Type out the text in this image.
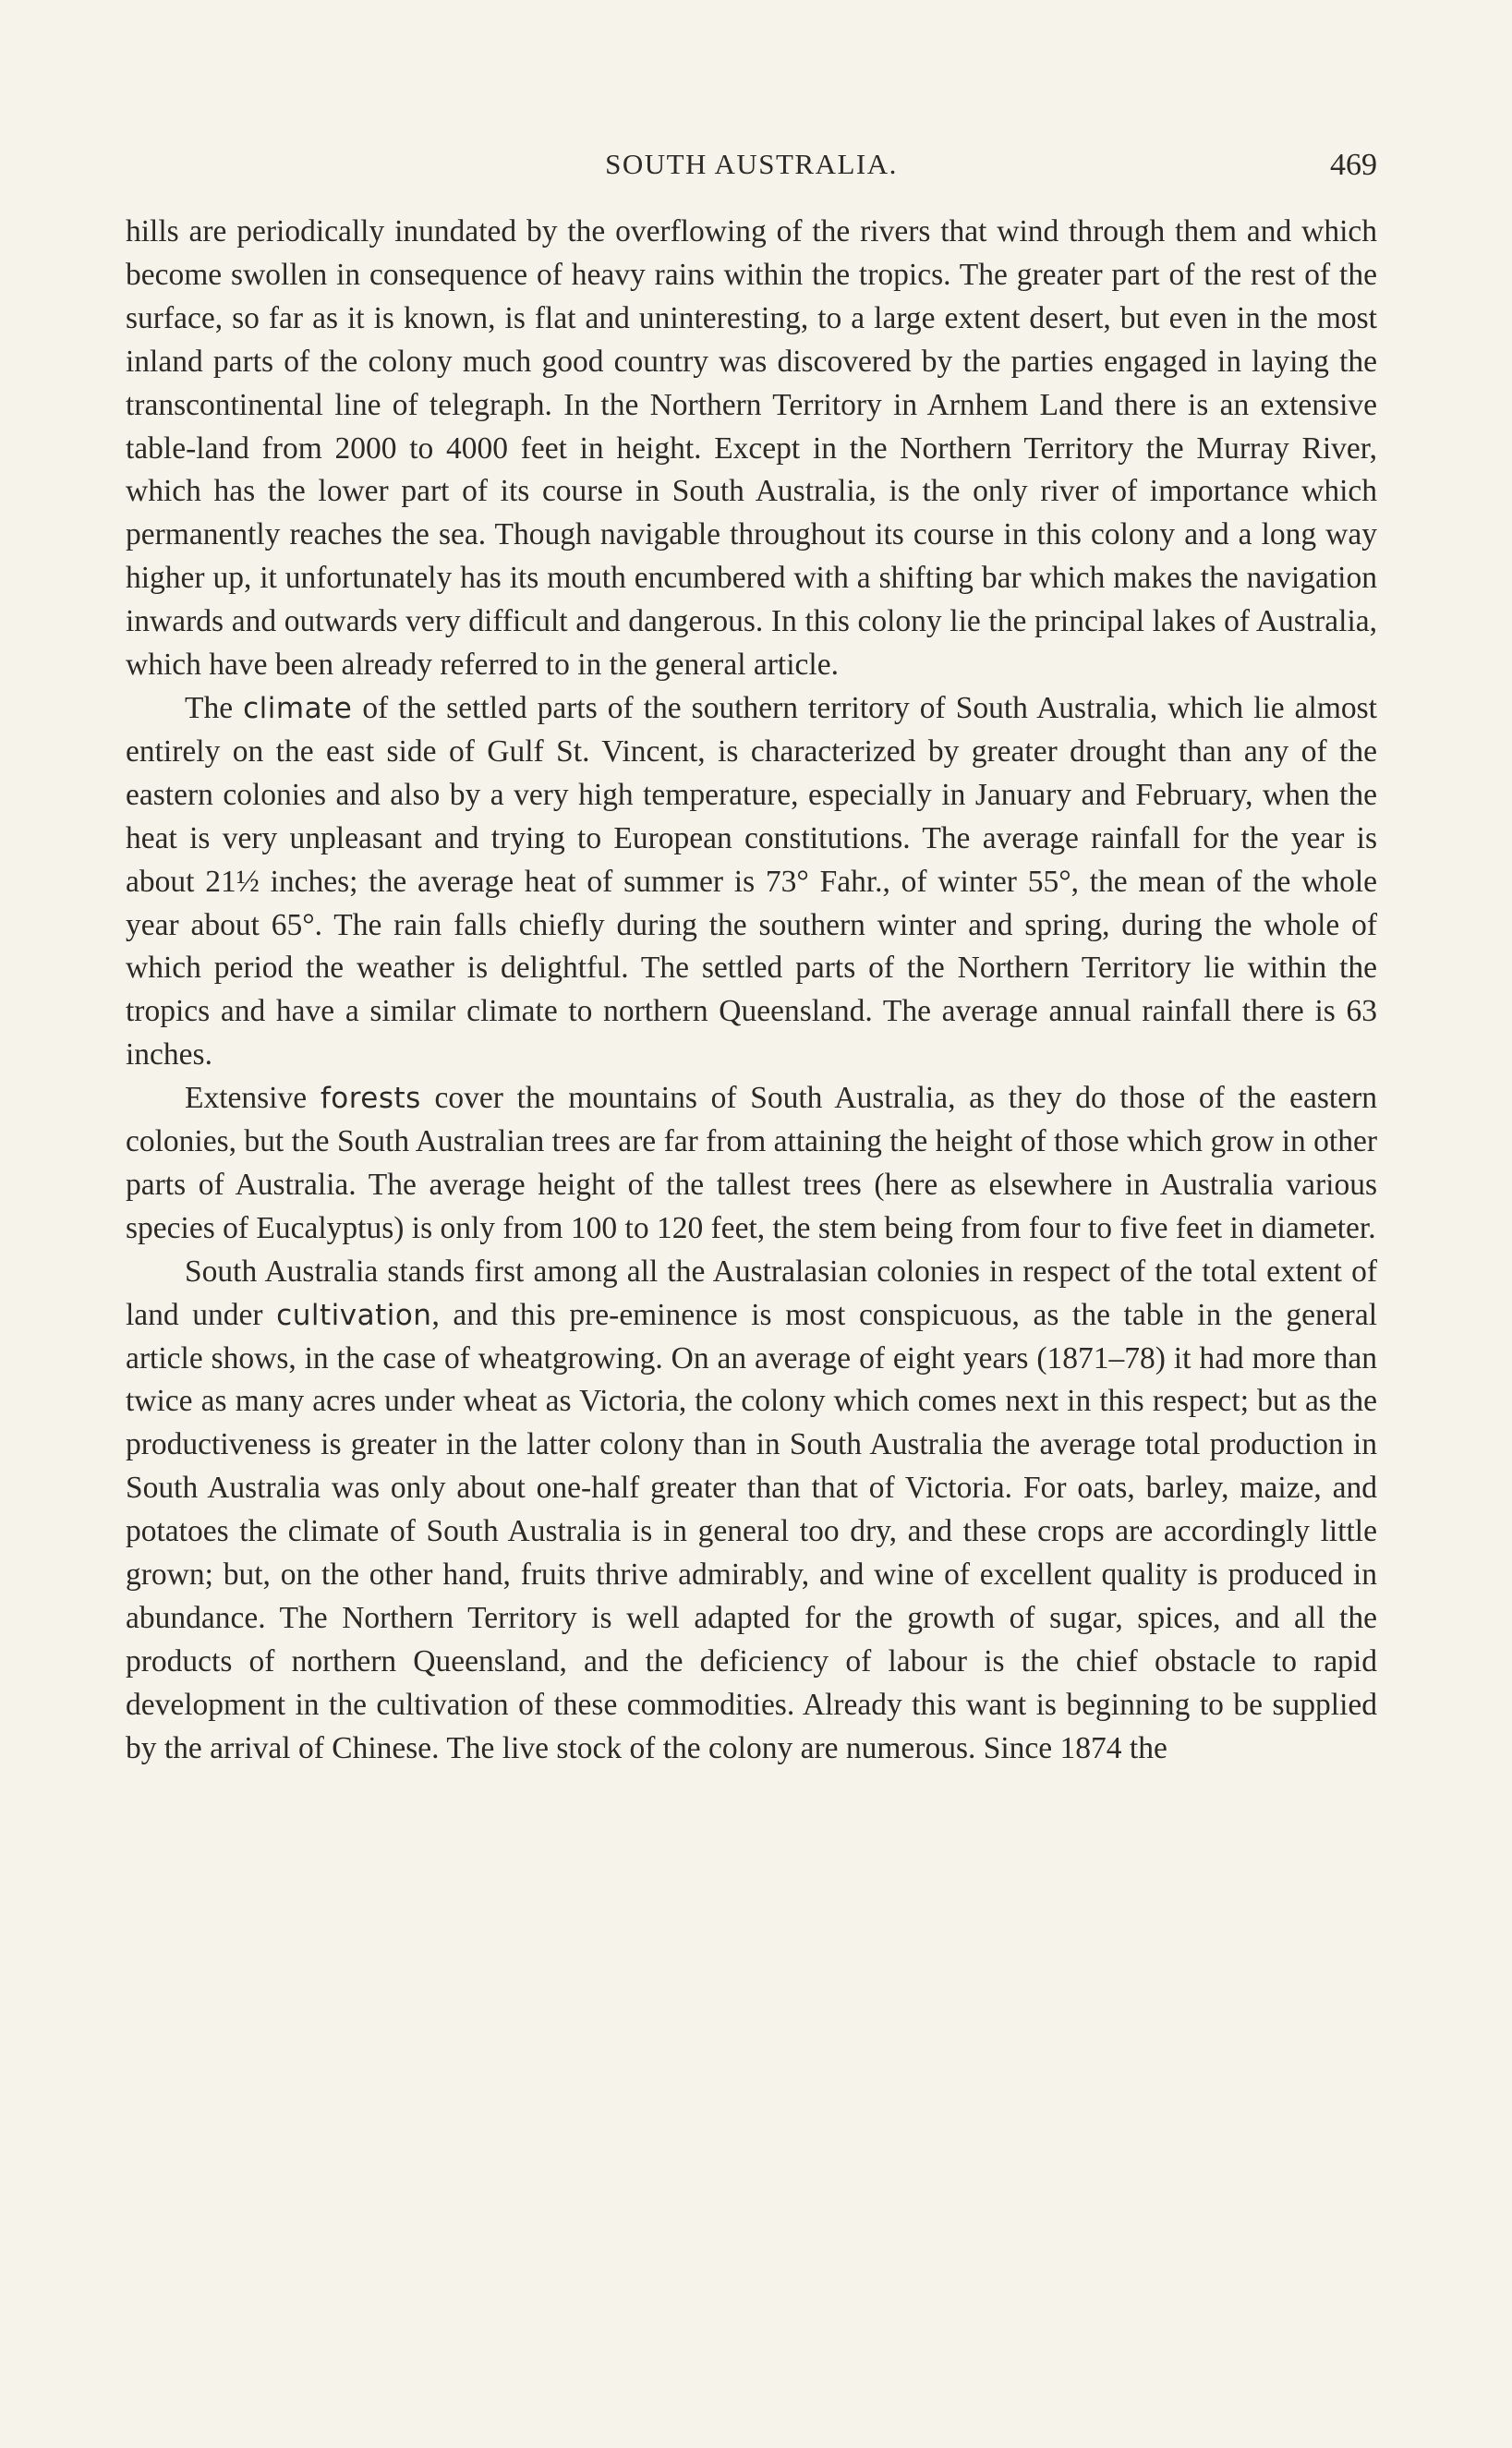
SOUTH AUSTRALIA.	469

hills are periodically inundated by the overflowing of the rivers that wind through them and which become swollen in consequence of heavy rains within the tropics. The greater part of the rest of the surface, so far as it is known, is flat and uninteresting, to a large extent desert, but even in the most inland parts of the colony much good country was discovered by the parties engaged in laying the transcontinental line of telegraph. In the Northern Territory in Arnhem Land there is an extensive table-land from 2000 to 4000 feet in height. Except in the Northern Territory the Murray River, which has the lower part of its course in South Australia, is the only river of importance which permanently reaches the sea. Though navigable throughout its course in this colony and a long way higher up, it unfortunately has its mouth encumbered with a shifting bar which makes the navigation inwards and outwards very difficult and dangerous. In this colony lie the principal lakes of Australia, which have been already referred to in the general article.

The climate of the settled parts of the southern territory of South Australia, which lie almost entirely on the east side of Gulf St. Vincent, is characterized by greater drought than any of the eastern colonies and also by a very high temperature, especially in January and February, when the heat is very unpleasant and trying to European constitutions. The average rainfall for the year is about 21½ inches; the average heat of summer is 73° Fahr., of winter 55°, the mean of the whole year about 65°. The rain falls chiefly during the southern winter and spring, during the whole of which period the weather is delightful. The settled parts of the Northern Territory lie within the tropics and have a similar climate to northern Queensland. The average annual rainfall there is 63 inches.

Extensive forests cover the mountains of South Australia, as they do those of the eastern colonies, but the South Australian trees are far from attaining the height of those which grow in other parts of Australia. The average height of the tallest trees (here as elsewhere in Australia various species of Eucalyptus) is only from 100 to 120 feet, the stem being from four to five feet in diameter.

South Australia stands first among all the Australasian colonies in respect of the total extent of land under cultivation, and this pre-eminence is most conspicuous, as the table in the general article shows, in the case of wheatgrowing. On an average of eight years (1871–78) it had more than twice as many acres under wheat as Victoria, the colony which comes next in this respect; but as the productiveness is greater in the latter colony than in South Australia the average total production in South Australia was only about one-half greater than that of Victoria. For oats, barley, maize, and potatoes the climate of South Australia is in general too dry, and these crops are accordingly little grown; but, on the other hand, fruits thrive admirably, and wine of excellent quality is produced in abundance. The Northern Territory is well adapted for the growth of sugar, spices, and all the products of northern Queensland, and the deficiency of labour is the chief obstacle to rapid development in the cultivation of these commodities. Already this want is beginning to be supplied by the arrival of Chinese. The live stock of the colony are numerous. Since 1874 the
